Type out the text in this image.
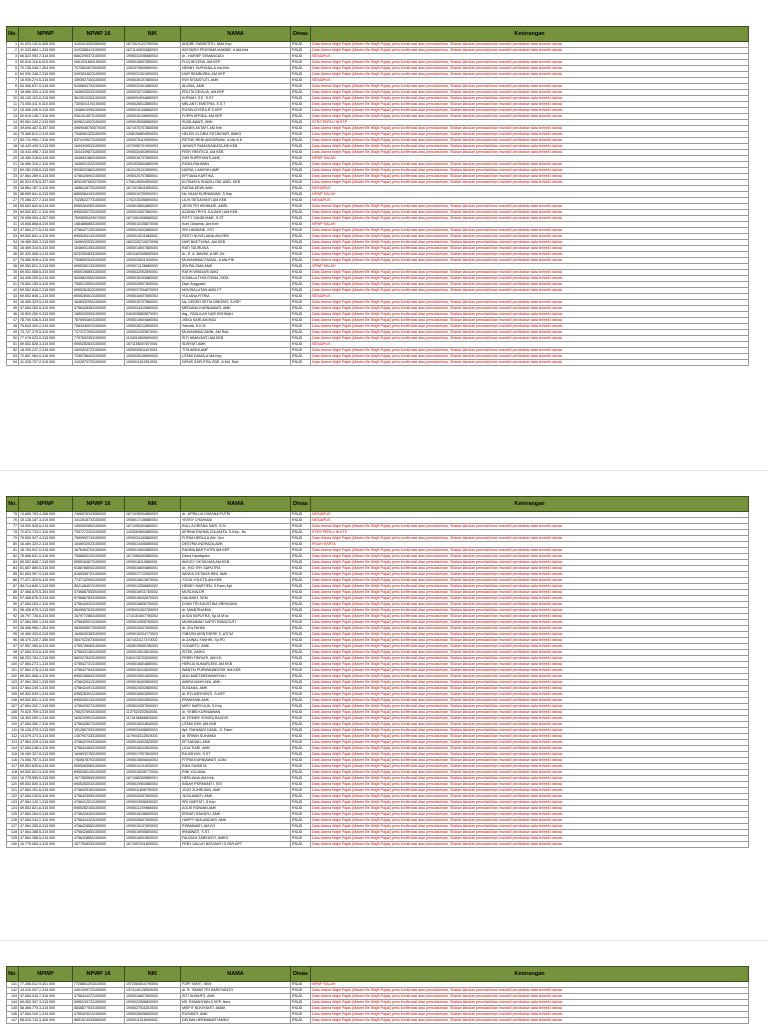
No.	NPWP	NPWP 16	NIK	NAMA	Dinas	Keterangan
1	41.024.142.6-306.000	4102414263060000	1671014122780006	ANDRE FANGESTU, AMd.Kep	RSUD	Data Utama Wajib Pajak (Master file Wajib Pajak) perlu konfirmasi atau pemutakhiran, Silakan lakukan pemutakhiran mandiri/ perubahan data terlebih dahulu
2	41.033.884.1-315.000	4103388413150000	1671140502880003	AGITARDI PRATAMA MAKIBE, A.Md.Kes	RSUD	Data Utama Wajib Pajak (Master file Wajib Pajak) perlu konfirmasi atau pemutakhiran, Silakan lakukan pemutakhiran mandiri/ perubahan data terlebih dahulu
3	66.822.953.7-315.000	6682295373150000	1905031008880002	dr., HARIEF SEMANGADI	RSUD	NE/NAPUS
4	00.619.116.8-315.000	0061911683150000	1905015607850001	FUJI HELENA, AM.KEP	RSUD	Data Utama Wajib Pajak (Master file Wajib Pajak) perlu konfirmasi atau pemutakhiran, Silakan lakukan pemutakhiran mandiri/ perubahan data terlebih dahulu
5	70.736.046.7-304.000	7073604673040000	1302075909890001	NENNY SURYANA,A.md.Keb	RSUD	Data Utama Wajib Pajak (Master file Wajib Pajak) perlu konfirmasi atau pemutakhiran, Silakan lakukan pemutakhiran mandiri/ perubahan data terlebih dahulu
6	54.930.348.2-315.000	5493034823150000	1905031301950003	NUR SEMBURNI, AM.KEP	RSUD	Data Utama Wajib Pajak (Master file Wajib Pajak) perlu konfirmasi atau pemutakhiran, Silakan lakukan pemutakhiran mandiri/ perubahan data terlebih dahulu
7	15.939.274.5-315.000	1593927453150000	1905036107880004	EWI SITAISTUTI, AMK	RSUD	NE/NAPUS
8	54.366.637.0-315.000	5436663703150000	1905031001880002	ALVINA, AMK	RSUD	Data Utama Wajib Pajak (Master file Wajib Pajak) perlu konfirmasi atau pemutakhiran, Silakan lakukan pemutakhiran mandiri/ perubahan data terlebih dahulu
9	16.469.330.3-315.000	1646933033150000	1905015712880001	ERLITA DEVILIA, AM.KEP	RSUD	Data Utama Wajib Pajak (Master file Wajib Pajak) perlu konfirmasi atau pemutakhiran, Silakan lakukan pemutakhiran mandiri/ perubahan data terlebih dahulu
10	36.135.102.6-315.000	3613510263150000	1606054904880003	KORIAH, S.E, S.ST	RSUD	Data Utama Wajib Pajak (Master file Wajib Pajak) perlu konfirmasi atau pemutakhiran, Silakan lakukan pemutakhiran mandiri/ perubahan data terlebih dahulu
11	73.005.411.9-315.000	7300541193150000	1905026512880001	MELANTI EMETRIA, S.S.T	RSUD	Data Utama Wajib Pajak (Master file Wajib Pajak) perlu konfirmasi atau pemutakhiran, Silakan lakukan pemutakhiran mandiri/ perubahan data terlebih dahulu
12	15.485.249.9-315.000	1548524993150000	1905016106880003	RUSELVIYERA.R.S.KEP	RSUD	Data Utama Wajib Pajak (Master file Wajib Pajak) perlu konfirmasi atau pemutakhiran, Silakan lakukan pemutakhiran mandiri/ perubahan data terlebih dahulu
13	00.619.145.7-315.000	0061914573150000	1905016106890002	FUPRI AFRIDA, AM.KEP	RSUD	Data Utama Wajib Pajak (Master file Wajib Pajak) perlu konfirmasi atau pemutakhiran, Silakan lakukan pemutakhiran mandiri/ perubahan data terlebih dahulu
14	83.981.249.2-315.000	8398124923150000	1905045908880002	SUSILAWATI, AMK	RSUD	STRS PERLU IN KTP
15	49.695.467.5-307.000	4969546753070000	1671075707880008	AGNES AKTAFI, AM.Keb	RSUD	Data Utama Wajib Pajak (Master file Wajib Pajak) perlu konfirmasi atau pemutakhiran, Silakan lakukan pemutakhiran mandiri/ perubahan data terlebih dahulu
16	75.469.813.2-315.000	7546981323150000	1208106804900004	HELEN GLORIA SITUNGKIR, AMKG	RSUD	Data Utama Wajib Pajak (Master file Wajib Pajak) perlu konfirmasi atau pemutakhiran, Silakan lakukan pemutakhiran mandiri/ perubahan data terlebih dahulu
17	83.741.990.7-315.000	8374199073150000	1905075110900004	RETNO RENI ANGGRAINI, A.Md.A.K	RSUD	Data Utama Wajib Pajak (Master file Wajib Pajak) perlu konfirmasi atau pemutakhiran, Silakan lakukan pemutakhiran mandiri/ perubahan data terlebih dahulu
18	16.443.495.3-315.000	1644349533150000	1972055701900003	JAYANTI RAMADANIATA,MD.KEB	RSUD	Data Utama Wajib Pajak (Master file Wajib Pajak) perlu konfirmasi atau pemutakhiran, Silakan lakukan pemutakhiran mandiri/ perubahan data terlebih dahulu
19	16.443.498.7-315.000	1644349873150000	1905034402890003	FEBY RENTICA, AM.KEB	RSUD	Data Utama Wajib Pajak (Master file Wajib Pajak) perlu konfirmasi atau pemutakhiran, Silakan lakukan pemutakhiran mandiri/ perubahan data terlebih dahulu
20	16.469.318.6-315.000	1646931863150000	1905016707850003	DWI SUPRIYANTI,AMK	RSUD	NPWP SALAH
21	16.469.315.2-315.000	1646931523150000	1901025604880005	RIZKA RAHMAN	RSUD	Data Utama Wajib Pajak (Master file Wajib Pajak) perlu konfirmasi atau pemutakhiran, Silakan lakukan pemutakhiran mandiri/ perubahan data terlebih dahulu
22	69.282.028.6-315.000	6928202863150000	1610125101890001	NURUL LAMIYAH,AMF	RSUD	Data Utama Wajib Pajak (Master file Wajib Pajak) perlu konfirmasi atau pemutakhiran, Silakan lakukan pemutakhiran mandiri/ perubahan data terlebih dahulu
23	47.564.289.0-315.000	4756428903150000	1905020707880001	EPTIANA KARTIKA	RSUD	Data Utama Wajib Pajak (Master file Wajib Pajak) perlu konfirmasi atau pemutakhiran, Silakan lakukan pemutakhiran mandiri/ perubahan data terlebih dahulu
24	80.324.976.5-327.000	8032497653270000	1708145004900002	KUTIMAYA SHAZILLOM, AMD. KEB	RSUD	Data Utama Wajib Pajak (Master file Wajib Pajak) perlu konfirmasi atau pemutakhiran, Silakan lakukan pemutakhiran mandiri/ perubahan data terlebih dahulu
25	16.884.187.3-315.000	1688418733150000	1671074611890003	RATNA DEWI,AMK	RSUD	NE/NAPUS
26	88.659.841.6-315.000	8865984163150000	1905010709900001	Ns. IMAM KURNIAWAN, S.Kep	RSUD	NPWP SALAH
27	70.286.227.7-315.000	7028622773150000	1702215206890002	LILIS SETIAYANTI,AM.KEB	RSUD	NE/NAPUS
28	69.552.840.8-315.000	6955284083150000	1905015604880002	JESSI TRI WINDIARI ,AMRL	RSUD	Data Utama Wajib Pajak (Master file Wajib Pajak) perlu konfirmasi atau pemutakhiran, Silakan lakukan pemutakhiran mandiri/ perubahan data terlebih dahulu
29	69.552.837.2-315.000	6955283723150000	1905010407860001	AZANIA TRIYS JULIANTI,AM.KEB	RSUD	Data Utama Wajib Pajak (Master file Wajib Pajak) perlu konfirmasi atau pemutakhiran, Silakan lakukan pemutakhiran mandiri/ perubahan data terlebih dahulu
30	76.908.054.4-307.000	7690805443070000	1671061508880002	RITTY SANDIYANE, S.ST	RSUD	Data Utama Wajib Pajak (Master file Wajib Pajak) perlu konfirmasi atau pemutakhiran, Silakan lakukan pemutakhiran mandiri/ perubahan data terlebih dahulu
31	15.848.868.8-315.000	1584886883150000	1905015108870006	Koni Oktarina ,Am.Keb	RSUD	NPWP SALAH
32	47.564.271.5-315.000	4756427153150000	1905024002880002	SRI HANDANI ,SST	RSUD	Data Utama Wajib Pajak (Master file Wajib Pajak) perlu konfirmasi atau pemutakhiran, Silakan lakukan pemutakhiran mandiri/ perubahan data terlebih dahulu
33	69.552.841.4-315.000	6955284143150000	1905014211860002	RESTI NOVELIANA,AM.KEB	RSUD	Data Utama Wajib Pajak (Master file Wajib Pajak) perlu konfirmasi atau pemutakhiran, Silakan lakukan pemutakhiran mandiri/ perubahan data terlebih dahulu
34	16.469.305.3-315.000	1646930533150000	1802226710870006	NUR BAETYANA ,AM.KEB	RSUD	Data Utama Wajib Pajak (Master file Wajib Pajak) perlu konfirmasi atau pemutakhiran, Silakan lakukan pemutakhiran mandiri/ perubahan data terlebih dahulu
35	16.469.314.5-315.000	1646931453150000	1905014607880004	RATI TAURUSIA	RSUD	Data Utama Wajib Pajak (Master file Wajib Pajak) perlu konfirmasi atau pemutakhiran, Silakan lakukan pemutakhiran mandiri/ perubahan data terlebih dahulu
36	82.320.508.3-315.000	8232050833150000	1903182005890004	dr., E. A. BAVINI, A.ME.Ge	RSUD	Data Utama Wajib Pajak (Master file Wajib Pajak) perlu konfirmasi atau pemutakhiran, Silakan lakukan pemutakhiran mandiri/ perubahan data terlebih dahulu
37	75.085.925.4-315.000	7508592543150000	1905030811930004	MUHAMMAD FAISAL, A.MA.PIK	RSUD	Data Utama Wajib Pajak (Master file Wajib Pajak) perlu konfirmasi atau pemutakhiran, Silakan lakukan pemutakhiran mandiri/ perubahan data terlebih dahulu
38	69.552.821.3-315.000	6955282133150000	1905071126880003	IRA PALOMA,AMK	RSUD	NPWP SALAH
39	69.551.568.5-315.000	6955156853150000	1905032002890001	RATIH WINDARI,AMG	RSUD	Data Utama Wajib Pajak (Master file Wajib Pajak) perlu konfirmasi atau pemutakhiran, Silakan lakukan pemutakhiran mandiri/ perubahan data terlebih dahulu
40	54.498.205.5-315.000	5449820553150000	1905016103880002	KOMALA THOLOSINA ,SKM	RSUD	Data Utama Wajib Pajak (Master file Wajib Pajak) perlu konfirmasi atau pemutakhiran, Silakan lakukan pemutakhiran mandiri/ perubahan data terlebih dahulu
41	75.652.155.9-315.000	7565215593150000	1905025907890003	Dian Anggraini	RSUD	Data Utama Wajib Pajak (Master file Wajib Pajak) perlu konfirmasi atau pemutakhiran, Silakan lakukan pemutakhiran mandiri/ perubahan data terlebih dahulu
42	69.552.818.2-315.000	6955281823150000	1905037004870003	NOVISALUTAN,AMD.FT	RSUD	Data Utama Wajib Pajak (Master file Wajib Pajak) perlu konfirmasi atau pemutakhiran, Silakan lakukan pemutakhiran mandiri/ perubahan data terlebih dahulu
43	69.552.846.1-315.000	6955284613150000	1905016007860002	YULIANA FITRIA	RSUD	NE/NAPUS
44	16.469.329.5-315.000	1646932953150000	1905015707860001	Ns. DEDEH SETIA NINGSIH, S.KEP	RSUD	Data Utama Wajib Pajak (Master file Wajib Pajak) perlu konfirmasi atau pemutakhiran, Silakan lakukan pemutakhiran mandiri/ perubahan data terlebih dahulu
45	47.564.283.5-315.000	4756428353150000	1905034410880002	MEDIANA KURNIAWATI, AMK	RSUD	Data Utama Wajib Pajak (Master file Wajib Pajak) perlu konfirmasi atau pemutakhiran, Silakan lakukan pemutakhiran mandiri/ perubahan data terlebih dahulu
46	15.800.250.9-315.000	1580025093150000	0404036805870001	drg., FADLILAH NUR ROHMAH	RSUD	Data Utama Wajib Pajak (Master file Wajib Pajak) perlu konfirmasi atau pemutakhiran, Silakan lakukan pemutakhiran mandiri/ perubahan data terlebih dahulu
47	78.769.536.0-315.000	7876953603150000	1905010604880003	JISKA SARI,AM.RAD	RSUD	Data Utama Wajib Pajak (Master file Wajib Pajak) perlu konfirmasi atau pemutakhiran, Silakan lakukan pemutakhiran mandiri/ perubahan data terlebih dahulu
48	75.643.409.2-315.000	7564340923150000	1905035212890003	Yasinta, S.K.M	RSUD	Data Utama Wajib Pajak (Master file Wajib Pajak) perlu konfirmasi atau pemutakhiran, Silakan lakukan pemutakhiran mandiri/ perubahan data terlebih dahulu
49	73.737.279.5-315.000	7373727953150000	1905031003870001	MUHAMMAD AMIN ,AM.Rad	RSUD	Data Utama Wajib Pajak (Master file Wajib Pajak) perlu konfirmasi atau pemutakhiran, Silakan lakukan pemutakhiran mandiri/ perubahan data terlebih dahulu
50	77.076.023.9-315.000	7707602393150000	1104016809890003	SITI HIMAYANTI,AM.KEB	RSUD	Data Utama Wajib Pajak (Master file Wajib Pajak) perlu konfirmasi atau pemutakhiran, Silakan lakukan pemutakhiran mandiri/ perubahan data terlebih dahulu
51	69.552.826.3-315.000	6955282633150000	1671156307870001	SURYATI,AMK	RSUD	NE/NAPUS
52	16.009.247.2-315.000	1600924723150000	1905030511870001	TITA ARINI,AMF	RSUD	Data Utama Wajib Pajak (Master file Wajib Pajak) perlu konfirmasi atau pemutakhiran, Silakan lakukan pemutakhiran mandiri/ perubahan data terlebih dahulu
53	72.857.964.0-315.000	7285796403150000	1905035108900002	UTAMI DANIA,A.Md.Kep	RSUD	Data Utama Wajib Pajak (Master file Wajib Pajak) perlu konfirmasi atau pemutakhiran, Silakan lakukan pemutakhiran mandiri/ perubahan data terlebih dahulu
54	41.028.707.2-315.000	4102870723150000	1905011610910001	DENIS SAPUTRA ODE, A.Md. Rad	RSUD	Data Utama Wajib Pajak (Master file Wajib Pajak) perlu konfirmasi atau pemutakhiran, Silakan lakukan pemutakhiran mandiri/ perubahan data terlebih dahulu
No.	NPWP	NPWP 16	NIK	NAMA	Dinas	Keterangan
75	74.665.763.4-306.000	7466576343060000	1671035004880003	dr., APRILLIA DWIANA PUTRI	RSUD	NE/NAPUS
76	15.128.187.3-315.000	1512818733150000	1905017108880001	YESSY CHARIANI	RSUD	NE/NAPUS
77	15.590.528.5-315.000	1559052853150000	1671055403880001	RULLA KRISNA SARI, S.Si	RSUD	Data Utama Wajib Pajak (Master file Wajib Pajak) perlu konfirmasi atau pemutakhiran, Silakan lakukan pemutakhiran mandiri/ perubahan data terlebih dahulu
78	72.672.733.2-315.000	7267273323150000	1403064504880003	AFRINA RAHMA ZULANITA, S.Kep., Ns	RSUD	STRS PERLU IN KTP
79	75.509.927.4-315.000	7550992743150000	1905024103880002	FITRIA HERLILA,AM. Gizi	RSUD	Data Utama Wajib Pajak (Master file Wajib Pajak) perlu konfirmasi atau pemutakhiran, Silakan lakukan pemutakhiran mandiri/ perubahan data terlebih dahulu
80	16.469.320.2-315.000	1646932023150000	1905014406880003	DESTRIA INDRAZA,AMK	RSUD	PISAH HARTA
81	16.764.547.0-315.000	1676454703150000	1905010602880003	RAHMA BAR PUTRI,AM.KEP	RSUD	Data Utama Wajib Pajak (Master file Wajib Pajak) perlu konfirmasi atau pemutakhiran, Silakan lakukan pemutakhiran mandiri/ perubahan data terlebih dahulu
82	75.666.831.0-315.000	7566683103150000	1671066402880003	Delca Handayani	RSUD	Data Utama Wajib Pajak (Master file Wajib Pajak) perlu konfirmasi atau pemutakhiran, Silakan lakukan pemutakhiran mandiri/ perubahan data terlebih dahulu
83	69.552.848.7-315.000	6955284873150000	1905016110880001	ANGGY OKTAVIANI,AM.KEB	RSUD	Data Utama Wajib Pajak (Master file Wajib Pajak) perlu konfirmasi atau pemutakhiran, Silakan lakukan pemutakhiran mandiri/ perubahan data terlebih dahulu
84	81.687.880.5-315.000	8168788053150000	1905016604880001	dr., RIO TRY SAPUTRA	RSUD	Data Utama Wajib Pajak (Master file Wajib Pajak) perlu konfirmasi atau pemutakhiran, Silakan lakukan pemutakhiran mandiri/ perubahan data terlebih dahulu
85	81.653.967.0-315.000	8165396703150000	1905017712900003	WINDA OKTAVIA RINI, AMK	RSUD	Data Utama Wajib Pajak (Master file Wajib Pajak) perlu konfirmasi atau pemutakhiran, Silakan lakukan pemutakhiran mandiri/ perubahan data terlebih dahulu
86	77.471.329.6-315.000	7747132963150000	1905016612870003	YOGA YOLETA,AM.KEB	RSUD	Data Utama Wajib Pajak (Master file Wajib Pajak) perlu konfirmasi atau pemutakhiran, Silakan lakukan pemutakhiran mandiri/ perubahan data terlebih dahulu
87	85.214.849.1-315.000	8521484913150000	1905012508880002	HENDY MARTIEN, S.Farm.Apt	RSUD	Data Utama Wajib Pajak (Master file Wajib Pajak) perlu konfirmasi atau pemutakhiran, Silakan lakukan pemutakhiran mandiri/ perubahan data terlebih dahulu
88	47.468.675.5-304.000	4746867553040000	1905016911760002	MUSLINA,DR	RSUD	Data Utama Wajib Pajak (Master file Wajib Pajak) perlu konfirmasi atau pemutakhiran, Silakan lakukan pemutakhiran mandiri/ perubahan data terlebih dahulu
89	97.468.676.3-315.000	9746867633150000	1905016002870003	HALIMAH, SKM	RSUD	Data Utama Wajib Pajak (Master file Wajib Pajak) perlu konfirmasi atau pemutakhiran, Silakan lakukan pemutakhiran mandiri/ perubahan data terlebih dahulu
90	47.564.263.2-315.000	4756426323150000	1905016808750002	DYAN TRI AGUSTINA SRIWIJAYA	RSUD	Data Utama Wajib Pajak (Master file Wajib Pajak) perlu konfirmasi atau pemutakhiran, Silakan lakukan pemutakhiran mandiri/ perubahan data terlebih dahulu
91	08.455.676.3-315.000	0845567633150000	1905031003780003	dr. MAMDRAHMA	RSUD	Data Utama Wajib Pajak (Master file Wajib Pajak) perlu konfirmasi atau pemutakhiran, Silakan lakukan pemutakhiran mandiri/ perubahan data terlebih dahulu
92	16.797.728.6-315.000	1679772863150000	1710161607780002	dr.IDA SAPUTRA, Sp.M,M.sc	RSUD	Data Utama Wajib Pajak (Master file Wajib Pajak) perlu konfirmasi atau pemutakhiran, Silakan lakukan pemutakhiran mandiri/ perubahan data terlebih dahulu
93	47.564.590.1-315.000	4756459013150000	1905014906760003	MUHAMMAD SAPITI RANGGUTI	RSUD	Data Utama Wajib Pajak (Master file Wajib Pajak) perlu konfirmasi atau pemutakhiran, Silakan lakukan pemutakhiran mandiri/ perubahan data terlebih dahulu
94	08.456.980.7-304.000	0845698073040000	1905015407830002	dr. ZULFAHMI	RSUD	Data Utama Wajib Pajak (Master file Wajib Pajak) perlu konfirmasi atau pemutakhiran, Silakan lakukan pemutakhiran mandiri/ perubahan data terlebih dahulu
95	16.469.303.8-315.000	1646930383150000	1905016204770003	GIBSON MONTHERE S.,ATCM	RSUD	Data Utama Wajib Pajak (Master file Wajib Pajak) perlu konfirmasi atau pemutakhiran, Silakan lakukan pemutakhiran mandiri/ perubahan data terlebih dahulu
96	08.470.226.7-306.000	0847022673060000	1671021117470002	dr.ZAINAL FAKHRI, Sp.PD	RSUD	Data Utama Wajib Pajak (Master file Wajib Pajak) perlu konfirmasi atau pemutakhiran, Silakan lakukan pemutakhiran mandiri/ perubahan data terlebih dahulu
97	47.557.380.8-315.000	4755738083150000	1905015505780003	YUDARTO, AMK	RSUD	Data Utama Wajib Pajak (Master file Wajib Pajak) perlu konfirmasi atau pemutakhiran, Silakan lakukan pemutakhiran mandiri/ perubahan data terlebih dahulu
98	47.564.313.6-315.000	4756431363150000	1905015010810003	SITEK, AMKG	RSUD	Data Utama Wajib Pajak (Master file Wajib Pajak) perlu konfirmasi atau pemutakhiran, Silakan lakukan pemutakhiran mandiri/ perubahan data terlebih dahulu
99	68.202.784.2-315.000	6820278423150000	0404125702830002	FEBRI FIDRIATI, AM.KG	RSUD	Data Utama Wajib Pajak (Master file Wajib Pajak) perlu konfirmasi atau pemutakhiran, Silakan lakukan pemutakhiran mandiri/ perubahan data terlebih dahulu
100	47.564.273.1-315.000	4756427313150000	1905016604880001	HERLIA SUMARLENI, AM.KEB	RSUD	Data Utama Wajib Pajak (Master file Wajib Pajak) perlu konfirmasi atau pemutakhiran, Silakan lakukan pemutakhiran mandiri/ perubahan data terlebih dahulu
101	47.564.276.4-315.000	4756427643150000	1905016410830002	WANTIU PURWANINGSIH, AM.KEB	RSUD	Data Utama Wajib Pajak (Master file Wajib Pajak) perlu konfirmasi atau pemutakhiran, Silakan lakukan pemutakhiran mandiri/ perubahan data terlebih dahulu
102	69.551.568.4-315.000	6955156843150000	1905015901800003	ANG.MAETAREWANSYAH	RSUD	Data Utama Wajib Pajak (Master file Wajib Pajak) perlu konfirmasi atau pemutakhiran, Silakan lakukan pemutakhiran mandiri/ perubahan data terlebih dahulu
103	47.564.254.1-315.000	4756425413150000	1905016403800002	AMIRA WAHYUNI, AMK	RSUD	Data Utama Wajib Pajak (Master file Wajib Pajak) perlu konfirmasi atau pemutakhiran, Silakan lakukan pemutakhiran mandiri/ perubahan data terlebih dahulu
104	47.564.249.1-315.000	4756424913150000	1905024002880002	SUSIANA, AMK	RSUD	Data Utama Wajib Pajak (Master file Wajib Pajak) perlu konfirmasi atau pemutakhiran, Silakan lakukan pemutakhiran mandiri/ perubahan data terlebih dahulu
105	69.552.839.1-315.000	6955283913150000	1905016602850002	dr. EVI ASRIYANTI, S.KEP	RSUD	Data Utama Wajib Pajak (Master file Wajib Pajak) perlu konfirmasi atau pemutakhiran, Silakan lakukan pemutakhiran mandiri/ perubahan data terlebih dahulu
106	69.552.831.3-315.000	6955283133150000	1905015902800003	ERMAYANI,AMK	RSUD	Data Utama Wajib Pajak (Master file Wajib Pajak) perlu konfirmasi atau pemutakhiran, Silakan lakukan pemutakhiran mandiri/ perubahan data terlebih dahulu
107	47.564.292.7-315.000	4756429273150000	1905024307800001	MISY MARYULIA, S.Kep	RSUD	Data Utama Wajib Pajak (Master file Wajib Pajak) perlu konfirmasi atau pemutakhiran, Silakan lakukan pemutakhiran mandiri/ perubahan data terlebih dahulu
108	70.620.759.4-315.000	7062075943150000	1127020202830001	dr. YEBBI KURNIAWAN	RSUD	Data Utama Wajib Pajak (Master file Wajib Pajak) perlu konfirmasi atau pemutakhiran, Silakan lakukan pemutakhiran mandiri/ perubahan data terlebih dahulu
109	16.302.099.1-315.000	1630209913150000	1174106808830002	dr. FEMMY VONITA RAUDIS	RSUD	Data Utama Wajib Pajak (Master file Wajib Pajak) perlu konfirmasi atau pemutakhiran, Silakan lakukan pemutakhiran mandiri/ perubahan data terlebih dahulu
110	47.564.280.7-315.000	4756428073150000	1905016004840002	UTAMI DWI, AM.KEB	RSUD	Data Utama Wajib Pajak (Master file Wajib Pajak) perlu konfirmasi atau pemutakhiran, Silakan lakukan pemutakhiran mandiri/ perubahan data terlebih dahulu
111	15.128.079.3-315.000	1512807933150000	1905024406800001	Apt. RAHMADI DANIL, S. Farm	RSUD	Data Utama Wajib Pajak (Master file Wajib Pajak) perlu konfirmasi atau pemutakhiran, Silakan lakukan pemutakhiran mandiri/ perubahan data terlebih dahulu
112	14.579.373.3-315.000	1457937333150000	1179042112810003	dr. ERWIN SUHANDI	RSUD	Data Utama Wajib Pajak (Master file Wajib Pajak) perlu konfirmasi atau pemutakhiran, Silakan lakukan pemutakhiran mandiri/ perubahan data terlebih dahulu
113	47.564.229.4-315.000	4756422943150000	1905015402820002	EF.SADIAH, AMK	RSUD	Data Utama Wajib Pajak (Master file Wajib Pajak) perlu konfirmasi atau pemutakhiran, Silakan lakukan pemutakhiran mandiri/ perubahan data terlebih dahulu
114	47.564.248.4-315.000	4756424843150000	1905016412820003	LILIA TIARI, AMK	RSUD	Data Utama Wajib Pajak (Master file Wajib Pajak) perlu konfirmasi atau pemutakhiran, Silakan lakukan pemutakhiran mandiri/ perubahan data terlebih dahulu
115	16.469.327.8-315.000	1646932783150000	1905017007800003	RA ASIYAH, S.ST	RSUD	Data Utama Wajib Pajak (Master file Wajib Pajak) perlu konfirmasi atau pemutakhiran, Silakan lakukan pemutakhiran mandiri/ perubahan data terlebih dahulu
116	74.556.787.0-315.000	7455678703150000	1905016506840002	FITRIA KURNIAWATI, A.Md	RSUD	Data Utama Wajib Pajak (Master file Wajib Pajak) perlu konfirmasi atau pemutakhiran, Silakan lakukan pemutakhiran mandiri/ perubahan data terlebih dahulu
117	69.552.835.6-315.000	6955283563150000	1905014101830002	RIKA SASMITA	RSUD	Data Utama Wajib Pajak (Master file Wajib Pajak) perlu konfirmasi atau pemutakhiran, Silakan lakukan pemutakhiran mandiri/ perubahan data terlebih dahulu
118	69.552.821.9-315.000	6955282193150000	1905016006770003	RINI YULIANA	RSUD	Data Utama Wajib Pajak (Master file Wajib Pajak) perlu konfirmasi atau pemutakhiran, Silakan lakukan pemutakhiran mandiri/ perubahan data terlebih dahulu
119	16.778.555.9-315.000	1677855593150000	1671085309880001	HERLIANA,AM.Keb	RSUD	Data Utama Wajib Pajak (Master file Wajib Pajak) perlu konfirmasi atau pemutakhiran, Silakan lakukan pemutakhiran mandiri/ perubahan data terlebih dahulu
120	69.552.830.3-315.000	6955283033150000	1905019903880002	INDAH PERMANITI, SST	RSUD	Data Utama Wajib Pajak (Master file Wajib Pajak) perlu konfirmasi atau pemutakhiran, Silakan lakukan pemutakhiran mandiri/ perubahan data terlebih dahulu
121	47.564.251.6-315.000	4756425163150000	1905011805790002	JOJO ZUHRUDIN, AMK	RSUD	Data Utama Wajib Pajak (Master file Wajib Pajak) perlu konfirmasi atau pemutakhiran, Silakan lakukan pemutakhiran mandiri/ perubahan data terlebih dahulu
122	47.564.230.8-315.000	4756423083150000	1905026307800002	JUSILAWATI, AMK	RSUD	Data Utama Wajib Pajak (Master file Wajib Pajak) perlu konfirmasi atau pemutakhiran, Silakan lakukan pemutakhiran mandiri/ perubahan data terlebih dahulu
123	47.564.120.1-315.000	4756412013150000	1905024906830002	SRI HARTATI, S.Kep	RSUD	Data Utama Wajib Pajak (Master file Wajib Pajak) perlu konfirmasi atau pemutakhiran, Silakan lakukan pemutakhiran mandiri/ perubahan data terlebih dahulu
124	69.552.821.6-315.000	6955282163150000	1905011209880003	AGUS RIDWAN,AMK	RSUD	Data Utama Wajib Pajak (Master file Wajib Pajak) perlu konfirmasi atau pemutakhiran, Silakan lakukan pemutakhiran mandiri/ perubahan data terlebih dahulu
125	47.564.264.0-315.000	4756426403150000	1905016106800003	ERNATI RAHAYU, AMK	RSUD	Data Utama Wajib Pajak (Master file Wajib Pajak) perlu konfirmasi atau pemutakhiran, Silakan lakukan pemutakhiran mandiri/ perubahan data terlebih dahulu
126	47.564.244.2-315.000	4756424423150000	1905026607830002	HAPPY WULANDARI, AMK	RSUD	Data Utama Wajib Pajak (Master file Wajib Pajak) perlu konfirmasi atau pemutakhiran, Silakan lakukan pemutakhiran mandiri/ perubahan data terlebih dahulu
127	47.564.255.8-315.000	4756425583150000	1905015107800002	RISMAWATI, AM.KG	RSUD	Data Utama Wajib Pajak (Master file Wajib Pajak) perlu konfirmasi atau pemutakhiran, Silakan lakukan pemutakhiran mandiri/ perubahan data terlebih dahulu
128	47.564.288.5-315.000	4756428853150000	1905016905800002	IRMAWATI, S.ST	RSUD	Data Utama Wajib Pajak (Master file Wajib Pajak) perlu konfirmasi atau pemutakhiran, Silakan lakukan pemutakhiran mandiri/ perubahan data terlebih dahulu
129	47.564.288.5-315.000	4756428853150000	1905016001800002	FAUZIAH ZARKASYI, AMKG	RSUD	Data Utama Wajib Pajak (Master file Wajib Pajak) perlu konfirmasi atau pemutakhiran, Silakan lakukan pemutakhiran mandiri/ perubahan data terlebih dahulu
130	16.779.083.3-315.000	1677908333150000	1671097011800003	FEBY GALUH NOVIANTI,S.FAR.APT	RSUD	Data Utama Wajib Pajak (Master file Wajib Pajak) perlu konfirmasi atau pemutakhiran, Silakan lakukan pemutakhiran mandiri/ perubahan data terlebih dahulu
No.	NPWP	NPWP 16	NIK	NAMA	Dinas	Keterangan
141	77.268.512.9-301.000	7726851293010000	1972084610790004	FOPI YANTI, SKM	RSUD	NPWP SALAH
142	44.010.097.2-315.000	4401009723150000	1374146128900005	dr. R. ISMAR TRI HARDYANTO	RSUD	Data Utama Wajib Pajak (Master file Wajib Pajak) perlu konfirmasi atau pemutakhiran, Silakan lakukan pemutakhiran mandiri/ perubahan data terlebih dahulu
143	47.564.243.7-315.000	4756424373150000	1905016607800002	SITI SUHARTI, AMK	RSUD	Data Utama Wajib Pajak (Master file Wajib Pajak) perlu konfirmasi atau pemutakhiran, Silakan lakukan pemutakhiran mandiri/ perubahan data terlebih dahulu
144	69.552.397.3-315.000	6955239733150000	1905022508800003	NS. RAMADHAN,S.KEP.,Ners	RSUD	Data Utama Wajib Pajak (Master file Wajib Pajak) perlu konfirmasi atau pemutakhiran, Silakan lakukan pemutakhiran mandiri/ perubahan data terlebih dahulu
145	58.368.775.3-315.000	5836877533150000	1905027011810003	MEIFIT NOVIYANTI, AMAK	RSUD	Data Utama Wajib Pajak (Master file Wajib Pajak) perlu konfirmasi atau pemutakhiran, Silakan lakukan pemutakhiran mandiri/ perubahan data terlebih dahulu
146	47.564.240.1-315.000	4756424013150000	1905026008800002	RUSWATI, AMK	RSUD	Data Utama Wajib Pajak (Master file Wajib Pajak) perlu konfirmasi atau pemutakhiran, Silakan lakukan pemutakhiran mandiri/ perubahan data terlebih dahulu
147	88.515.743.3-306.000	8851574333060000	1905011018400002	DELIMA HERMAWATI AMKG	RSUD	Data Utama Wajib Pajak (Master file Wajib Pajak) perlu konfirmasi atau pemutakhiran, Silakan lakukan pemutakhiran mandiri/ perubahan data terlebih dahulu
